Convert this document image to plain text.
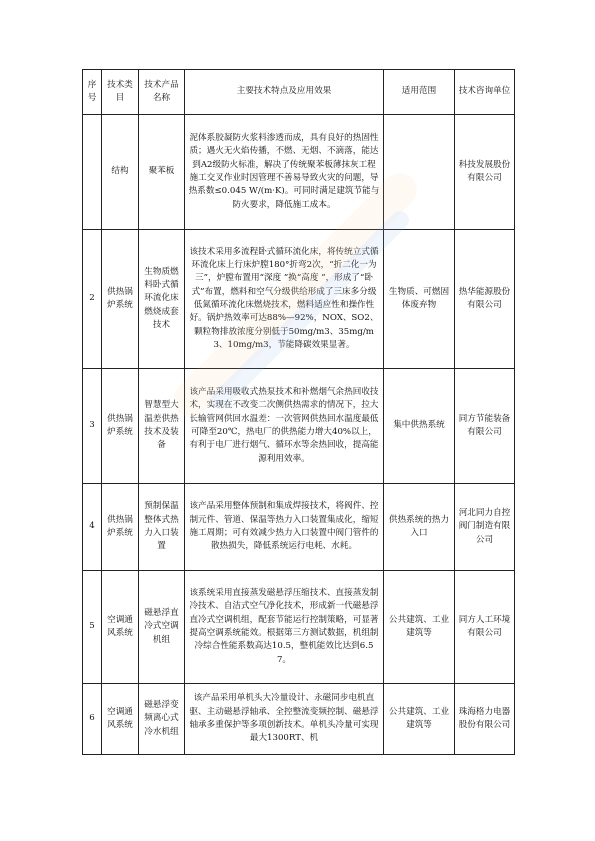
序号	技术类目	技术产品名称	主要技术特点及应用效果	适用范围	技术咨询单位
	结构	聚苯板	泥体系胶凝防火浆料渗透而成，具有良好的热固性质；遇火无火焰传播，不燃、无烟、不滴落，能达到A2级防火标准，解决了传统聚苯板薄抹灰工程施工交叉作业时因管理不善易导致火灾的问题，导热系数≤0.045 W/(m·K)。可同时满足建筑节能与防火要求，降低施工成本。		科技发展股份有限公司
2	供热锅炉系统	生物质燃料卧式循环流化床燃烧成套技术	该技术采用多流程卧式循环流化床，将传统立式循环流化床上行床炉膛180°折弯2次，“折二化一为三”，炉膛布置用“深度 ”换“高度 ”，形成了“卧式”布置，燃料和空气分级供给形成了三床多分级低氮循环流化床燃烧技术，燃料适应性和操作性好。锅炉热效率可达88%—92%，NOX、SO2、颗粒物排放浓度分别低于50mg/m3、35mg/m3、10mg/m3，节能降碳效果显著。	生物质、可燃固体废弃物	热华能源股份有限公司
3	供热锅炉系统	智慧型大温差供热技术及装备	该产品采用吸收式热泵技术和补燃烟气余热回收技术，实现在不改变二次侧供热需求的情况下，拉大长输管网供回水温差：一次管网供热回水温度最低可降至20℃，热电厂的供热能力增大40%以上，有利于电厂进行烟气、循环水等余热回收，提高能源利用效率。	集中供热系统	同方节能装备有限公司
4	供热锅炉系统	预制保温整体式热力入口装置	该产品采用整体预制和集成焊接技术，将阀件、控制元件、管道、保温等热力入口装置集成化，缩短施工周期；可有效减少热力入口装置中阀门管件的散热损失，降低系统运行电耗、水耗。	供热系统的热力入口	河北同力自控阀门制造有限公司
5	空调通风系统	磁悬浮直冷式空调机组	该系统采用直接蒸发磁悬浮压缩技术、直接蒸发制冷技术、自洁式空气净化技术，形成新一代磁悬浮直冷式空调机组，配套节能运行控制策略，可显著提高空调系统能效。根据第三方测试数据，机组制冷综合性能系数高达10.5，整机能效比达到6.57。	公共建筑、工业建筑等	同方人工环境有限公司
6	空调通风系统	磁悬浮变频离心式冷水机组	该产品采用单机头大冷量设计、永磁同步电机直驱、主动磁悬浮轴承、全控整流变频控制、磁悬浮轴承多重保护等多项创新技术。单机头冷量可实现最大1300RT、机	公共建筑、工业建筑等	珠海格力电器股份有限公司
